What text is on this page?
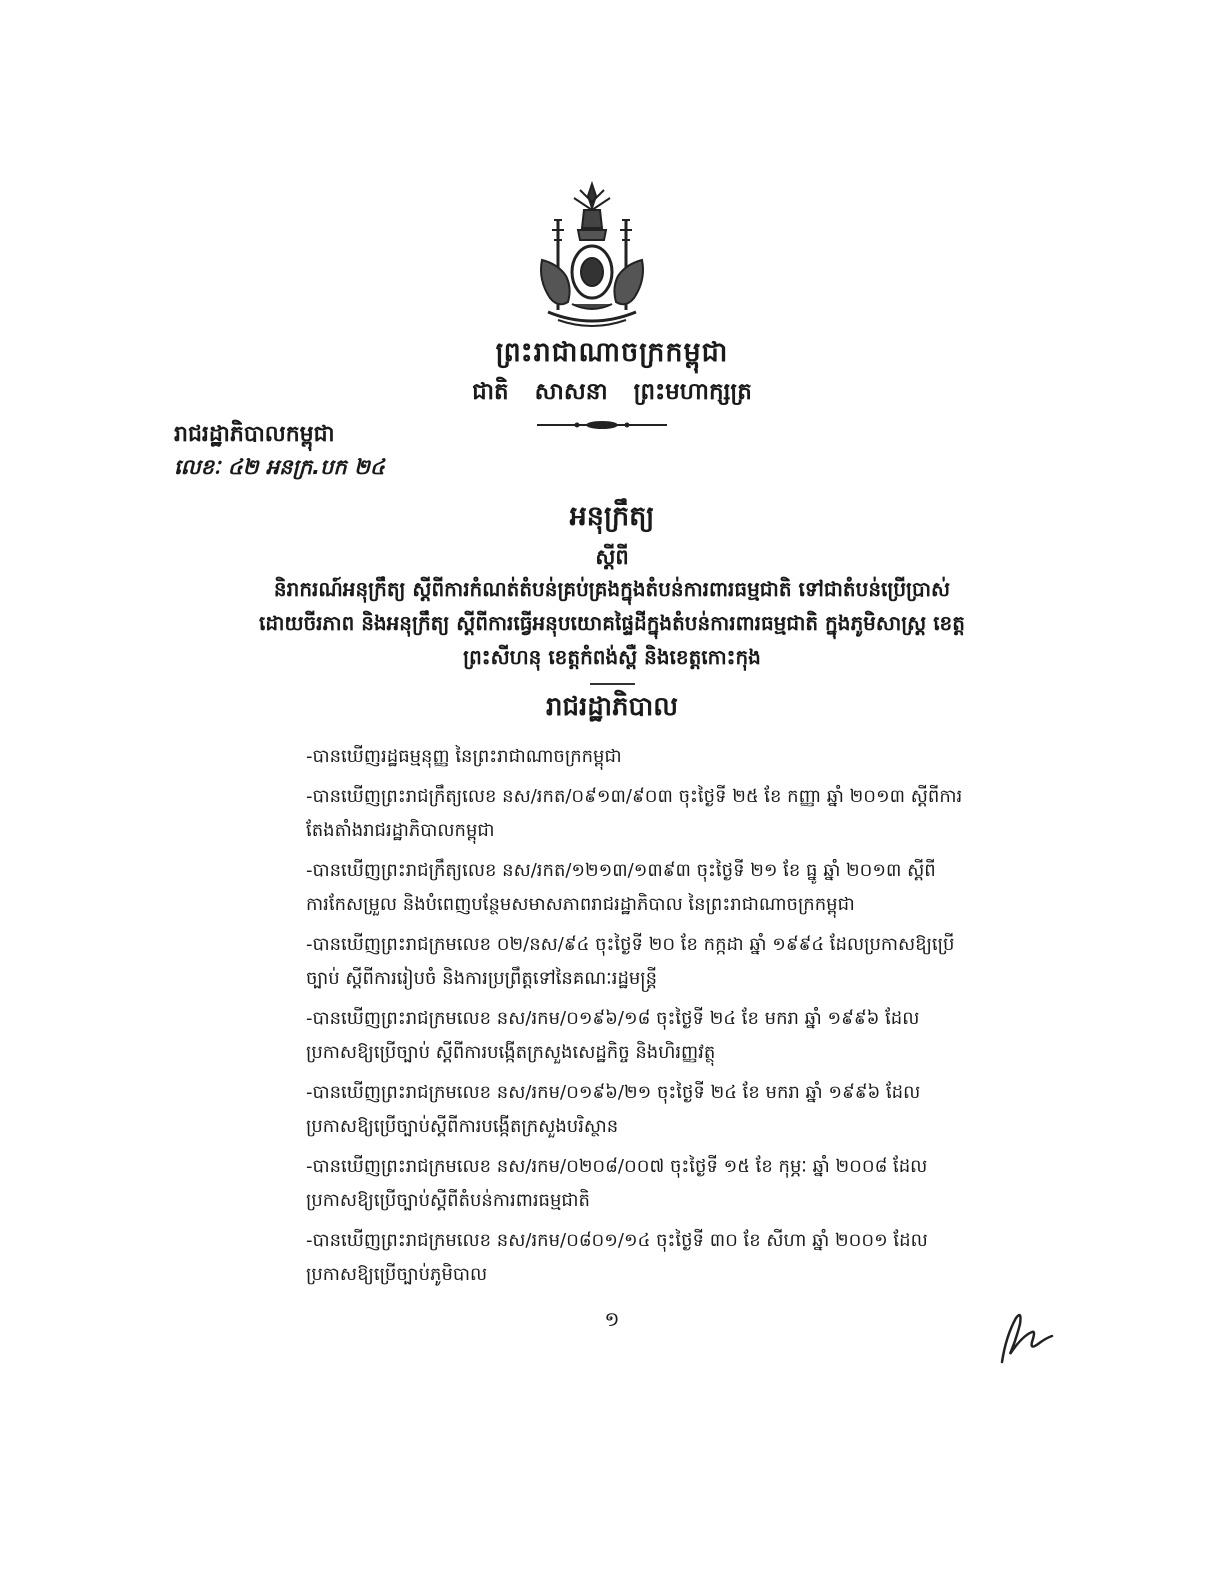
ព្រះរាជាណាចក្រកម្ពុជា
ជាតិ សាសនា ព្រះមហាក្សត្រ
រាជរដ្ឋាភិបាលកម្ពុជា
លេខៈ ៤២ អនក្រ.បក ២៤
អនុក្រឹត្យ
ស្តីពី
និរាករណ៍អនុក្រឹត្យ ស្តីពីការកំណត់តំបន់គ្រប់គ្រងក្នុងតំបន់ការពារធម្មជាតិ ទៅជាតំបន់ប្រើប្រាស់ដោយចីរភាព និងអនុក្រឹត្យ ស្តីពីការធ្វើអនុបយោគផ្ទៃដីក្នុងតំបន់ការពារធម្មជាតិ ក្នុងភូមិសាស្ត្រ ខេត្តព្រះសីហនុ ខេត្តកំពង់ស្ពឺ និងខេត្តកោះកុង
រាជរដ្ឋាភិបាល

-បានឃើញរដ្ឋធម្មនុញ្ញ នៃព្រះរាជាណាចក្រកម្ពុជា

-បានឃើញព្រះរាជក្រឹត្យលេខ នស/រកត/០៩១៣/៩០៣ ចុះថ្ងៃទី ២៥ ខែ កញ្ញា ឆ្នាំ ២០១៣ ស្តីពីការតែងតាំងរាជរដ្ឋាភិបាលកម្ពុជា

-បានឃើញព្រះរាជក្រឹត្យលេខ នស/រកត/១២១៣/១៣៩៣ ចុះថ្ងៃទី ២១ ខែ ធ្នូ ឆ្នាំ ២០១៣ ស្តីពីការកែសម្រួល និងបំពេញបន្ថែមសមាសភាពរាជរដ្ឋាភិបាល នៃព្រះរាជាណាចក្រកម្ពុជា

-បានឃើញព្រះរាជក្រមលេខ ០២/នស/៩៤ ចុះថ្ងៃទី ២០ ខែ កក្កដា ឆ្នាំ ១៩៩៤ ដែលប្រកាសឱ្យប្រើច្បាប់ ស្តីពីការរៀបចំ និងការប្រព្រឹត្តទៅនៃគណៈរដ្ឋមន្ត្រី

-បានឃើញព្រះរាជក្រមលេខ នស/រកម/០១៩៦/១៨ ចុះថ្ងៃទី ២៤ ខែ មករា ឆ្នាំ ១៩៩៦ ដែលប្រកាសឱ្យប្រើច្បាប់ ស្តីពីការបង្កើតក្រសួងសេដ្ឋកិច្ច និងហិរញ្ញវត្ថុ

-បានឃើញព្រះរាជក្រមលេខ នស/រកម/០១៩៦/២១ ចុះថ្ងៃទី ២៤ ខែ មករា ឆ្នាំ ១៩៩៦ ដែលប្រកាសឱ្យប្រើច្បាប់ស្តីពីការបង្កើតក្រសួងបរិស្ថាន

-បានឃើញព្រះរាជក្រមលេខ នស/រកម/០២០៨/០០៧ ចុះថ្ងៃទី ១៥ ខែ កុម្ភៈ ឆ្នាំ ២០០៨ ដែលប្រកាសឱ្យប្រើច្បាប់ស្តីពីតំបន់ការពារធម្មជាតិ

-បានឃើញព្រះរាជក្រមលេខ នស/រកម/០៨០១/១៤ ចុះថ្ងៃទី ៣០ ខែ សីហា ឆ្នាំ ២០០១ ដែលប្រកាសឱ្យប្រើច្បាប់ភូមិបាល

១
